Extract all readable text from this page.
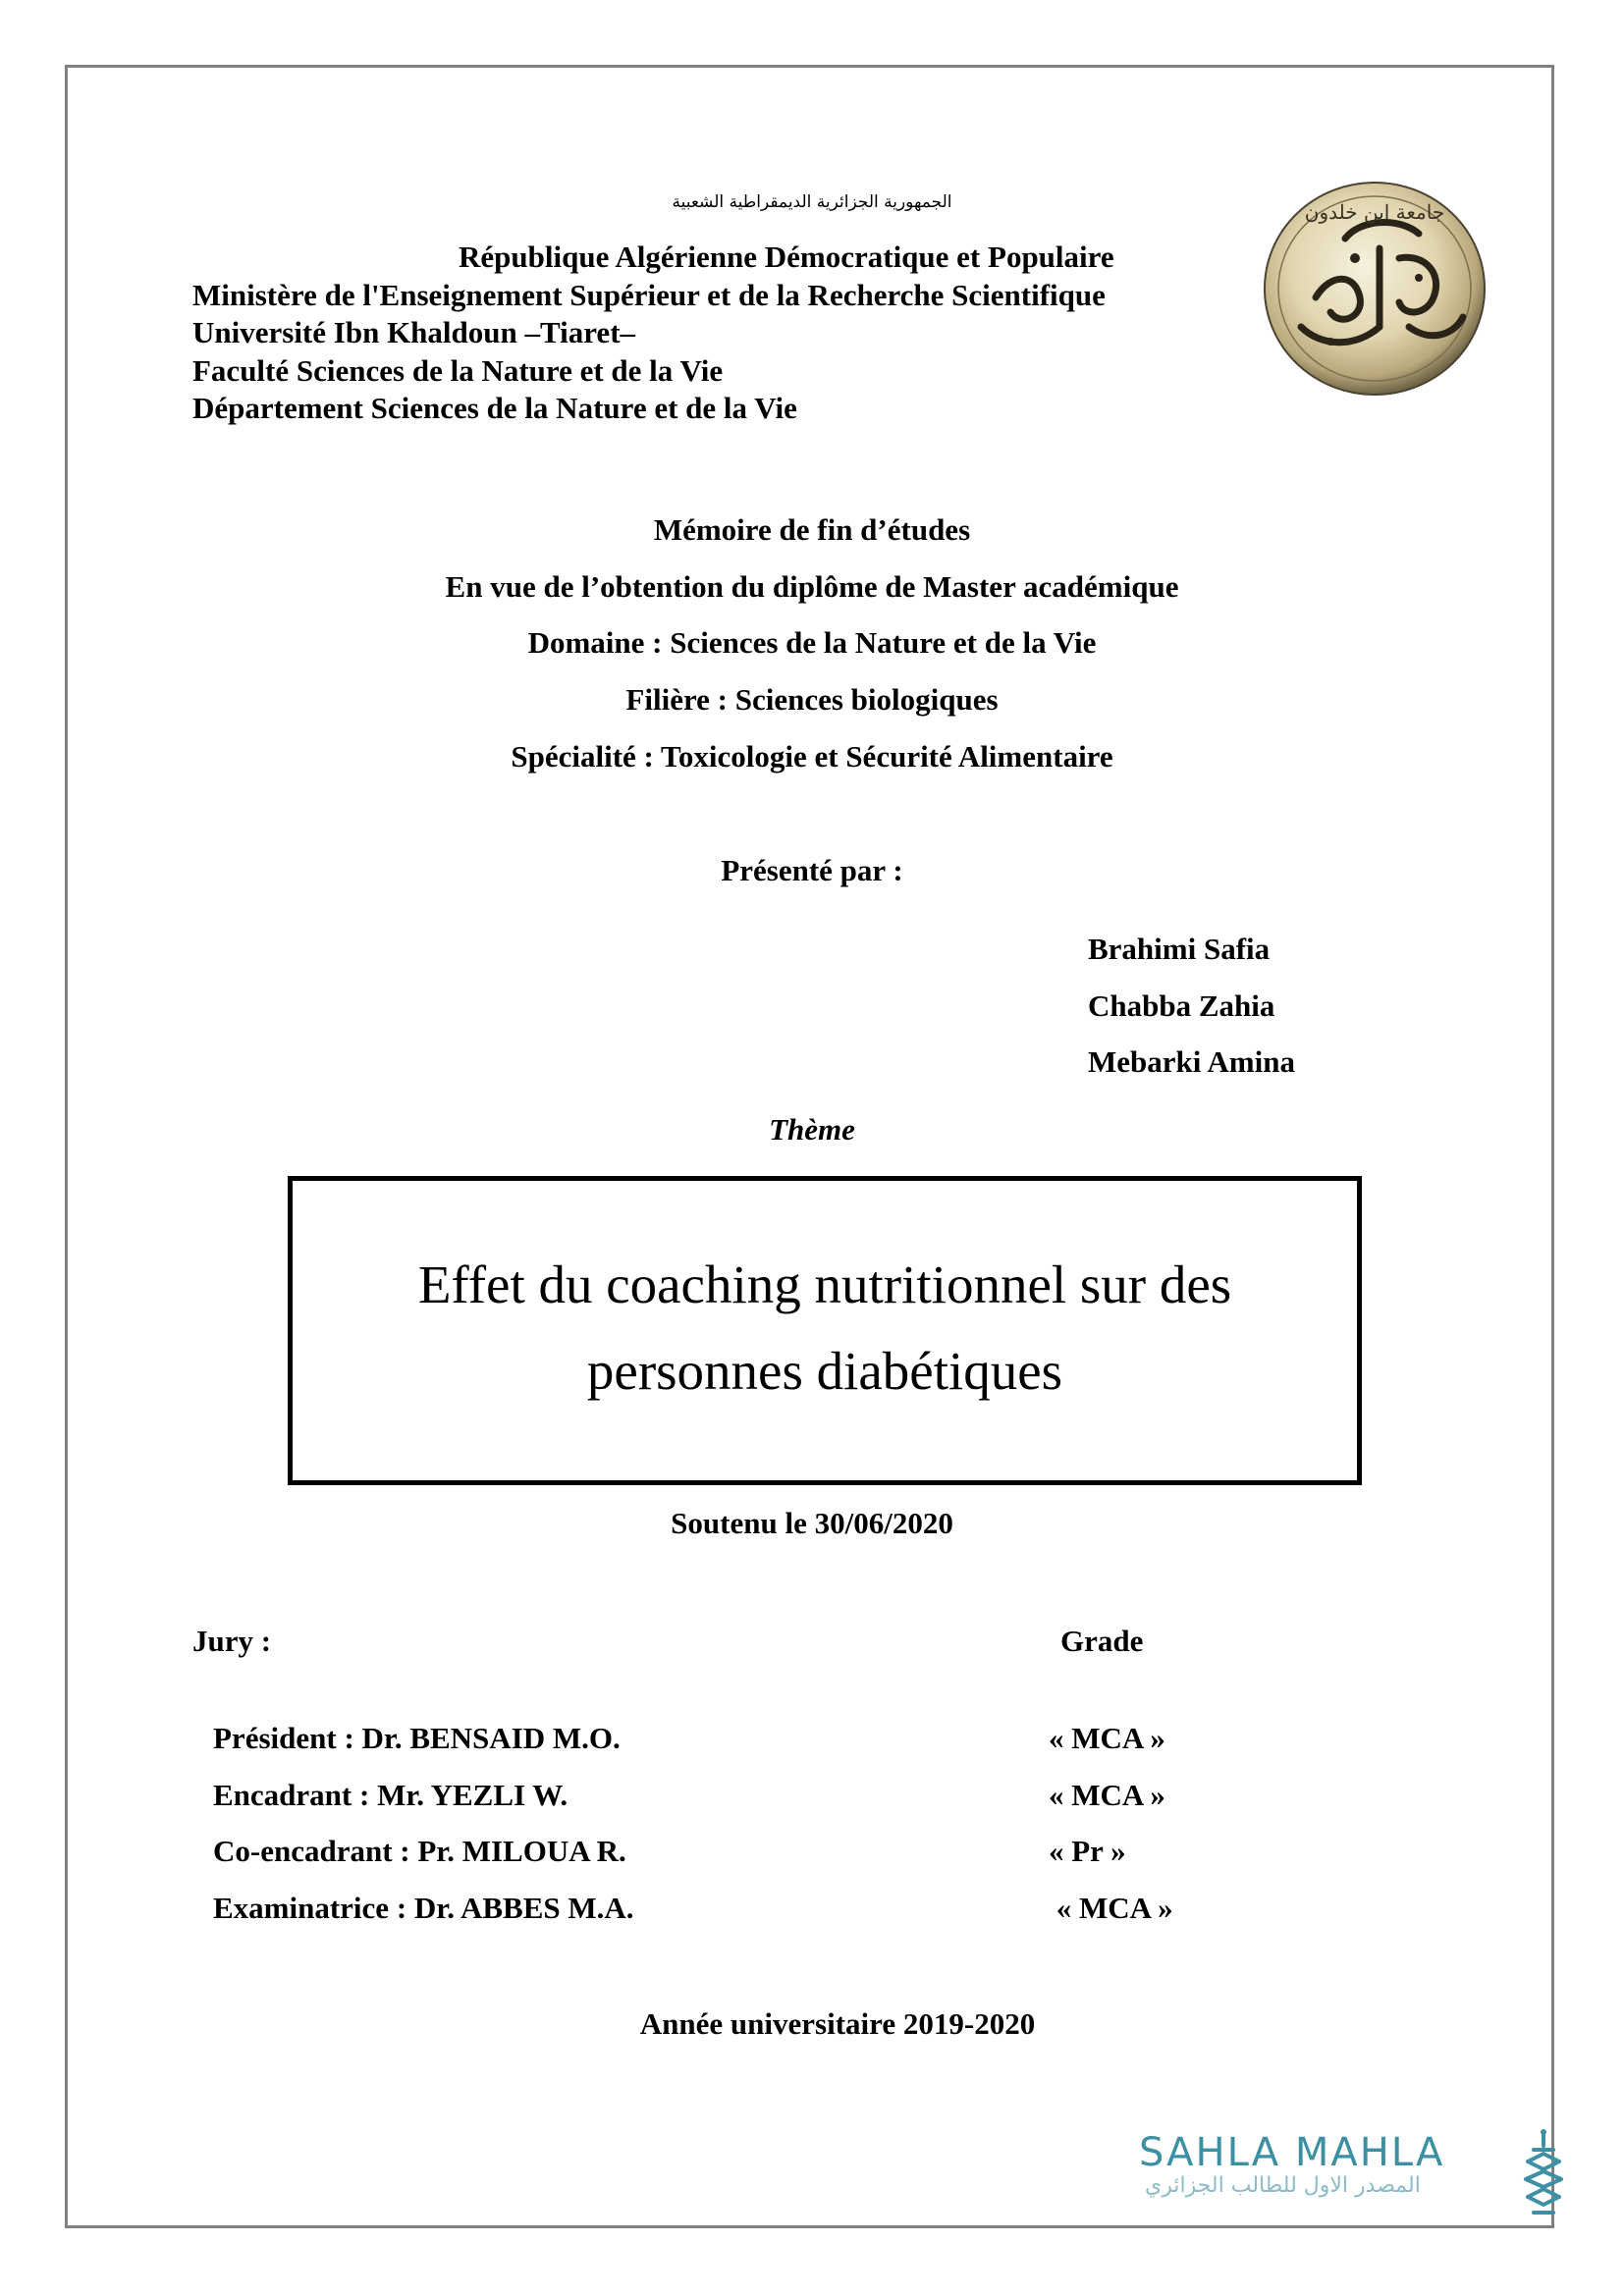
الجمهورية الجزائرية الديمقراطية الشعبية
République Algérienne Démocratique et Populaire
Ministère de l'Enseignement Supérieur et de la Recherche Scientifique
Université Ibn Khaldoun –Tiaret–
Faculté Sciences de la Nature et de la Vie
Département Sciences de la Nature et de la Vie
جامعة ابن خلدون
Mémoire de fin d’études
En vue de l’obtention du diplôme de Master académique
Domaine : Sciences de la Nature et de la Vie
Filière : Sciences biologiques
Spécialité : Toxicologie et Sécurité Alimentaire
Présenté par :
Brahimi Safia
Chabba Zahia
Mebarki Amina
Thème
Effet du coaching nutritionnel sur des personnes diabétiques
Soutenu le 30/06/2020
Jury :	Grade
Président : Dr. BENSAID M.O.	« MCA »
Encadrant : Mr. YEZLI W.	« MCA »
Co-encadrant : Pr. MILOUA R.	« Pr »
Examinatrice : Dr. ABBES M.A.	« MCA »
Année universitaire 2019-2020
SAHLA MAHLA
المصدر الاول للطالب الجزائري
